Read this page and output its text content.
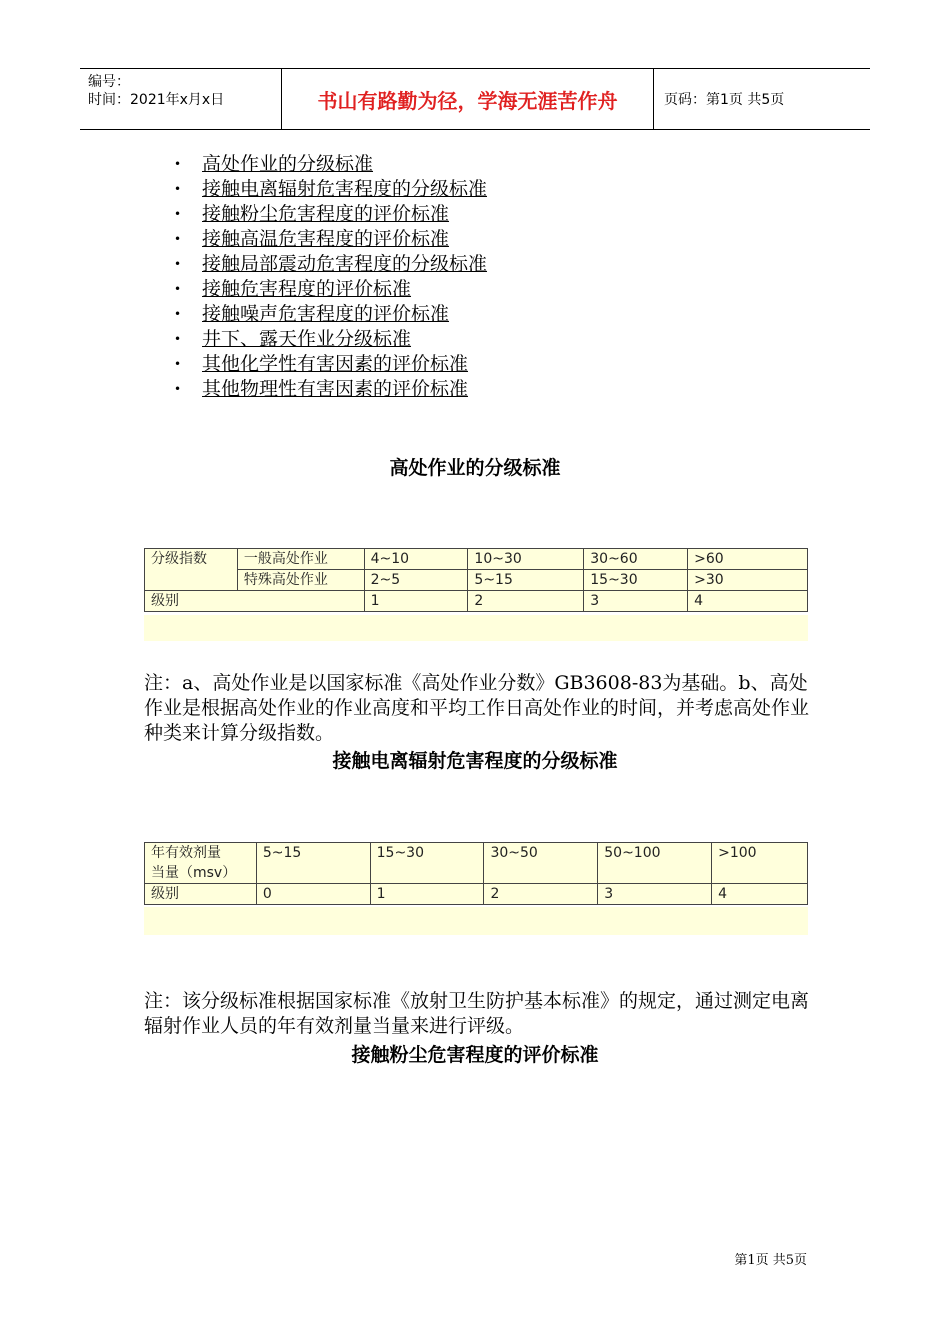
编号：
时间：2021年x月x日	书山有路勤为径，学海无涯苦作舟	页码：第1页 共5页
•	高处作业的分级标准
•	接触电离辐射危害程度的分级标准
•	接触粉尘危害程度的评价标准
•	接触高温危害程度的评价标准
•	接触局部震动危害程度的分级标准
•	接触危害程度的评价标准
•	接触噪声危害程度的评价标准
•	井下、露天作业分级标准
•	其他化学性有害因素的评价标准
•	其他物理性有害因素的评价标准
高处作业的分级标准
分级指数	一般高处作业	4~10	10~30	30~60	>60
	特殊高处作业	2~5	5~15	15~30	>30
级别		1	2	3	4
注：a、高处作业是以国家标准《高处作业分数》GB3608-83为基础。b、高处作业是根据高处作业的作业高度和平均工作日高处作业的时间，并考虑高处作业种类来计算分级指数。
接触电离辐射危害程度的分级标准
年有效剂量
当量（msv）	5~15	15~30	30~50	50~100	>100
级别	0	1	2	3	4
注：该分级标准根据国家标准《放射卫生防护基本标准》的规定，通过测定电离辐射作业人员的年有效剂量当量来进行评级。
接触粉尘危害程度的评价标准
第1页 共5页
